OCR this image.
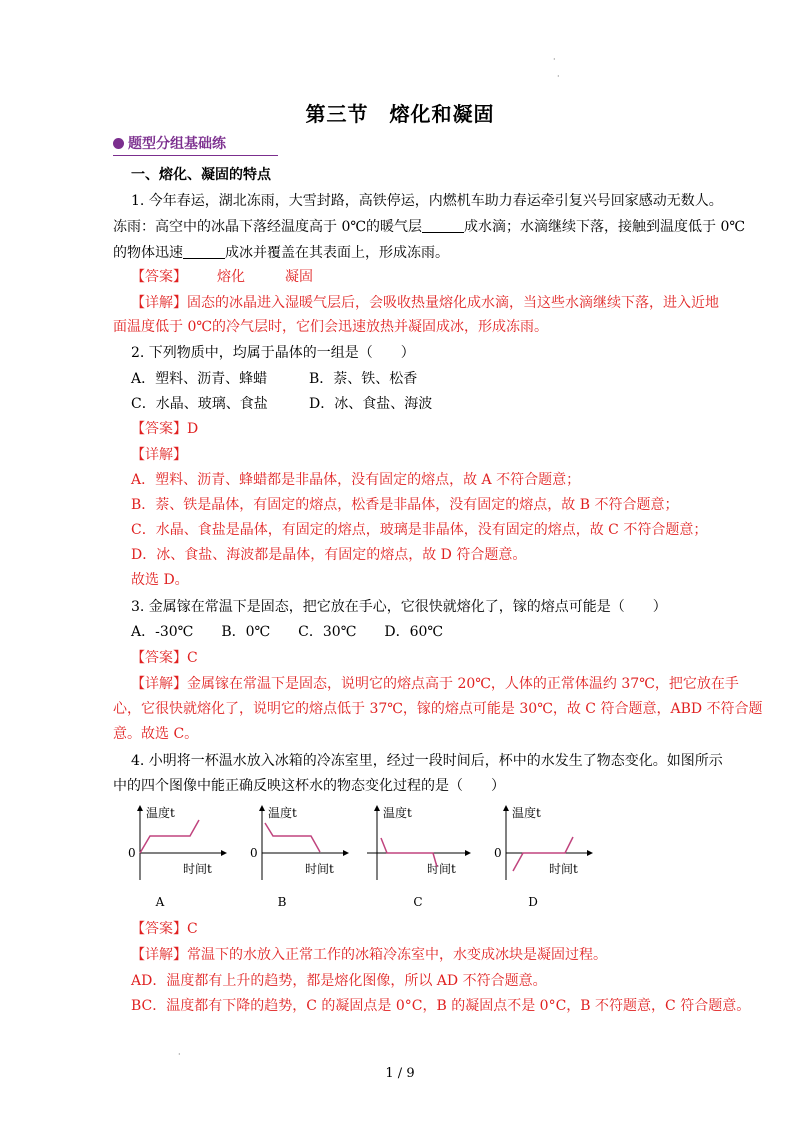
·
·
第三节　熔化和凝固
题型分组基础练
一、熔化、凝固的特点
1. 今年春运，湖北冻雨，大雪封路，高铁停运，内燃机车助力春运牵引复兴号回家感动无数人。
冻雨：高空中的冰晶下落经温度高于 0℃的暖气层	成水滴；水滴继续下落，接触到温度低于 0℃
的物体迅速	成冰并覆盖在其表面上，形成冻雨。
【答案】 熔化	凝固
【详解】固态的冰晶进入湿暖气层后，会吸收热量熔化成水滴，当这些水滴继续下落，进入近地
面温度低于 0℃的冷气层时，它们会迅速放热并凝固成冰，形成冻雨。
2. 下列物质中，均属于晶体的一组是（　　）
A．塑料、沥青、蜂蜡	B．萘、铁、松香
C．水晶、玻璃、食盐	D．冰、食盐、海波
【答案】D
【详解】
A．塑料、沥青、蜂蜡都是非晶体，没有固定的熔点，故 A 不符合题意；
B．萘、铁是晶体，有固定的熔点，松香是非晶体，没有固定的熔点，故 B 不符合题意；
C．水晶、食盐是晶体，有固定的熔点，玻璃是非晶体，没有固定的熔点，故 C 不符合题意；
D．冰、食盐、海波都是晶体，有固定的熔点，故 D 符合题意。
故选 D。
3. 金属镓在常温下是固态，把它放在手心，它很快就熔化了，镓的熔点可能是（　　）
A．-30℃　　B．0℃　　C．30℃　　D．60℃
【答案】C
【详解】金属镓在常温下是固态，说明它的熔点高于 20℃，人体的正常体温约 37℃，把它放在手
心，它很快就熔化了，说明它的熔点低于 37℃，镓的熔点可能是 30℃，故 C 符合题意，ABD 不符合题
意。故选 C。
4. 小明将一杯温水放入冰箱的冷冻室里，经过一段时间后，杯中的水发生了物态变化。如图所示
中的四个图像中能正确反映这杯水的物态变化过程的是（　　）
温度t
0
时间t
A
温度t
0
时间t
B
温度t
时间t
C
温度t
0
时间t
D
【答案】C
【详解】常温下的水放入正常工作的冰箱冷冻室中，水变成冰块是凝固过程。
AD．温度都有上升的趋势，都是熔化图像，所以 AD 不符合题意。
BC．温度都有下降的趋势，C 的凝固点是 0°C，B 的凝固点不是 0°C，B 不符题意，C 符合题意。
·
1 / 9
